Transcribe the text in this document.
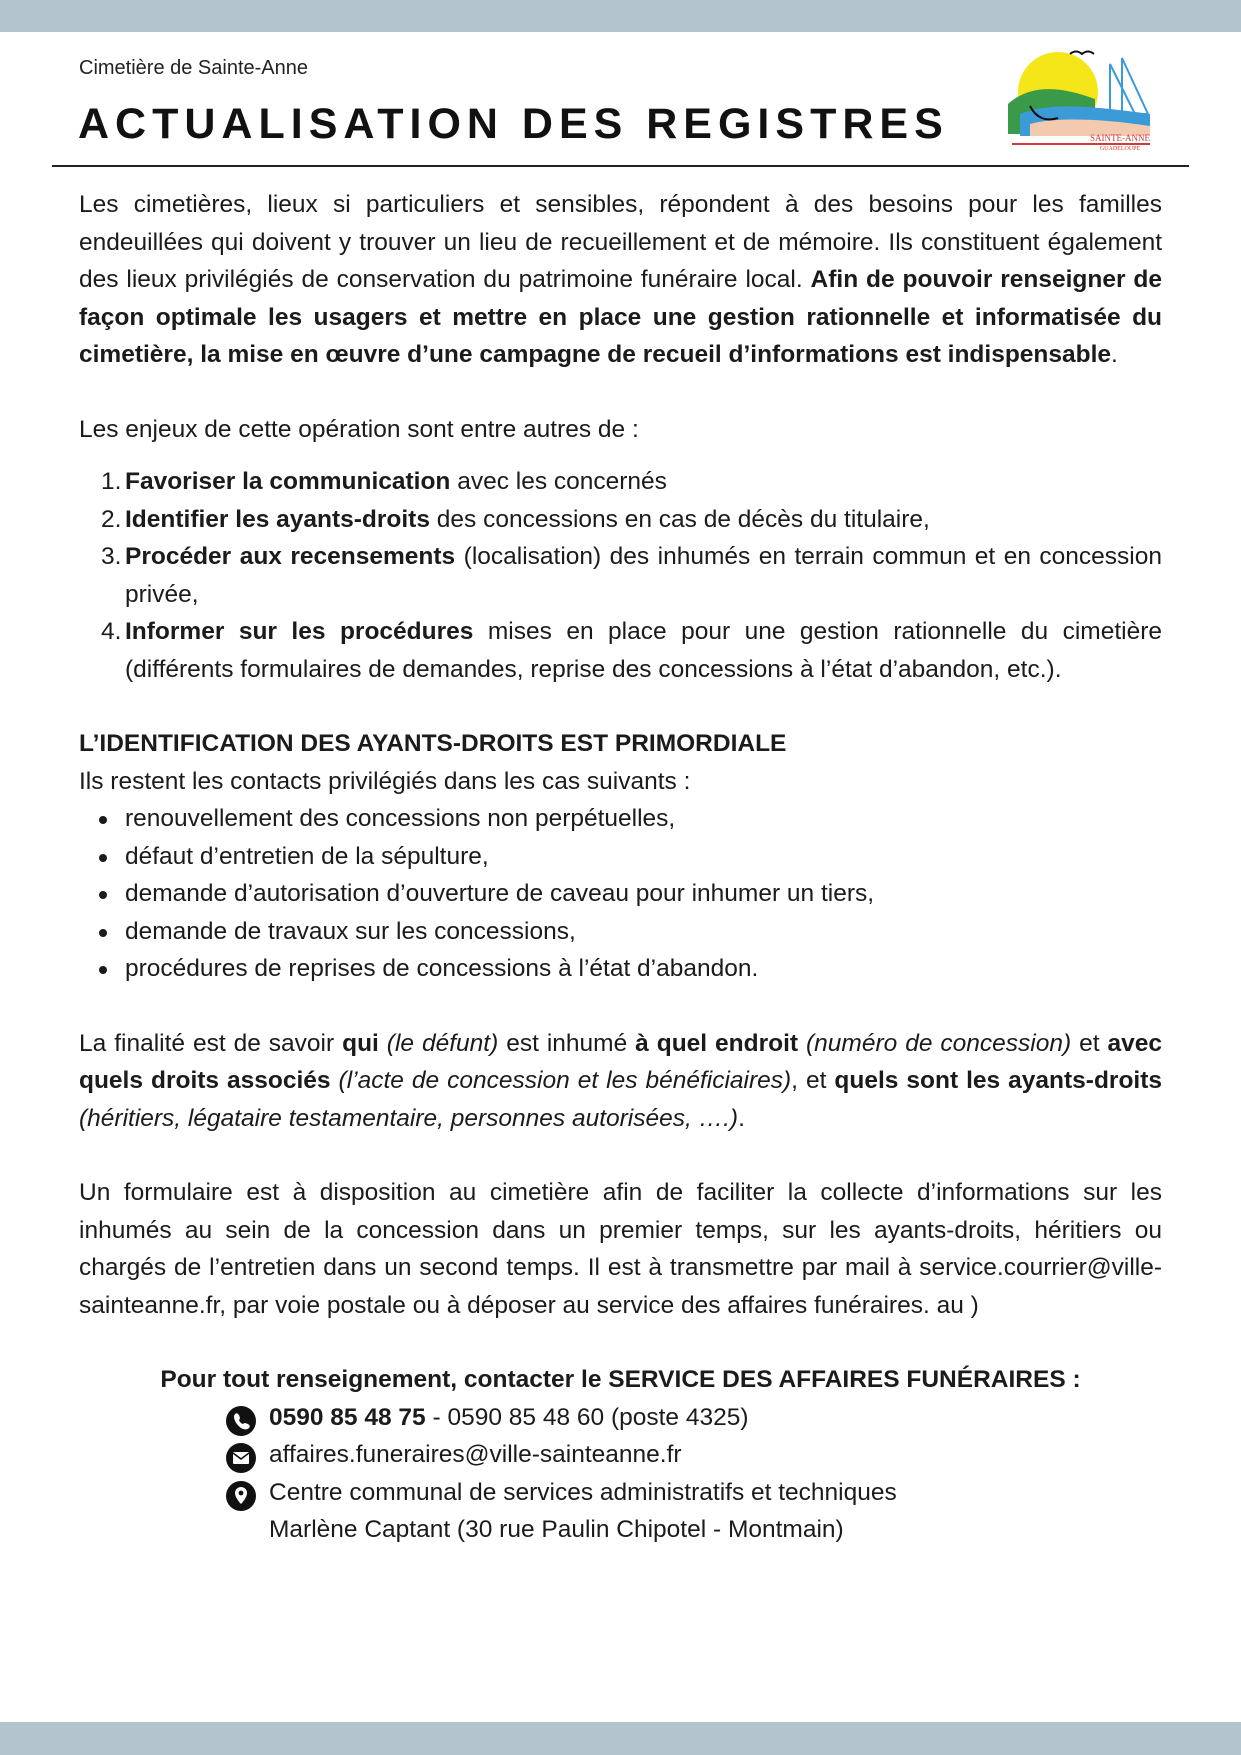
Cimetière de Sainte-Anne
ACTUALISATION DES REGISTRES	SAINTE-ANNE
GUADELOUPE

Les cimetières, lieux si particuliers et sensibles, répondent à des besoins pour les familles endeuillées qui doivent y trouver un lieu de recueillement et de mémoire. Ils constituent également des lieux privilégiés de conservation du patrimoine funéraire local. Afin de pouvoir renseigner de façon optimale les usagers et mettre en place une gestion rationnelle et informatisée du cimetière, la mise en œuvre d’une campagne de recueil d’informations est indispensable.

Les enjeux de cette opération sont entre autres de :

1. Favoriser la communication avec les concernés
2. Identifier les ayants-droits des concessions en cas de décès du titulaire,
3. Procéder aux recensements (localisation) des inhumés en terrain commun et en concession privée,
4. Informer sur les procédures mises en place pour une gestion rationnelle du cimetière (différents formulaires de demandes, reprise des concessions à l’état d’abandon, etc.).

L’IDENTIFICATION DES AYANTS-DROITS EST PRIMORDIALE

Ils restent les contacts privilégiés dans les cas suivants :

renouvellement des concessions non perpétuelles,
défaut d’entretien de la sépulture,
demande d’autorisation d’ouverture de caveau pour inhumer un tiers,
demande de travaux sur les concessions,
procédures de reprises de concessions à l’état d’abandon.

La finalité est de savoir qui (le défunt) est inhumé à quel endroit (numéro de concession) et avec quels droits associés (l’acte de concession et les bénéficiaires), et quels sont les ayants-droits (héritiers, légataire testamentaire, personnes autorisées, ….).

Un formulaire est à disposition au cimetière afin de faciliter la collecte d’informations sur les inhumés au sein de la concession dans un premier temps, sur les ayants-droits, héritiers ou chargés de l’entretien dans un second temps. Il est à transmettre par mail à service.courrier@ville-sainteanne.fr, par voie postale ou à déposer au service des affaires funéraires. au )

Pour tout renseignement, contacter le SERVICE DES AFFAIRES FUNÉRAIRES :
0590 85 48 75 - 0590 85 48 60 (poste 4325)
affaires.funeraires@ville-sainteanne.fr
Centre communal de services administratifs et techniques
Marlène Captant (30 rue Paulin Chipotel - Montmain)
